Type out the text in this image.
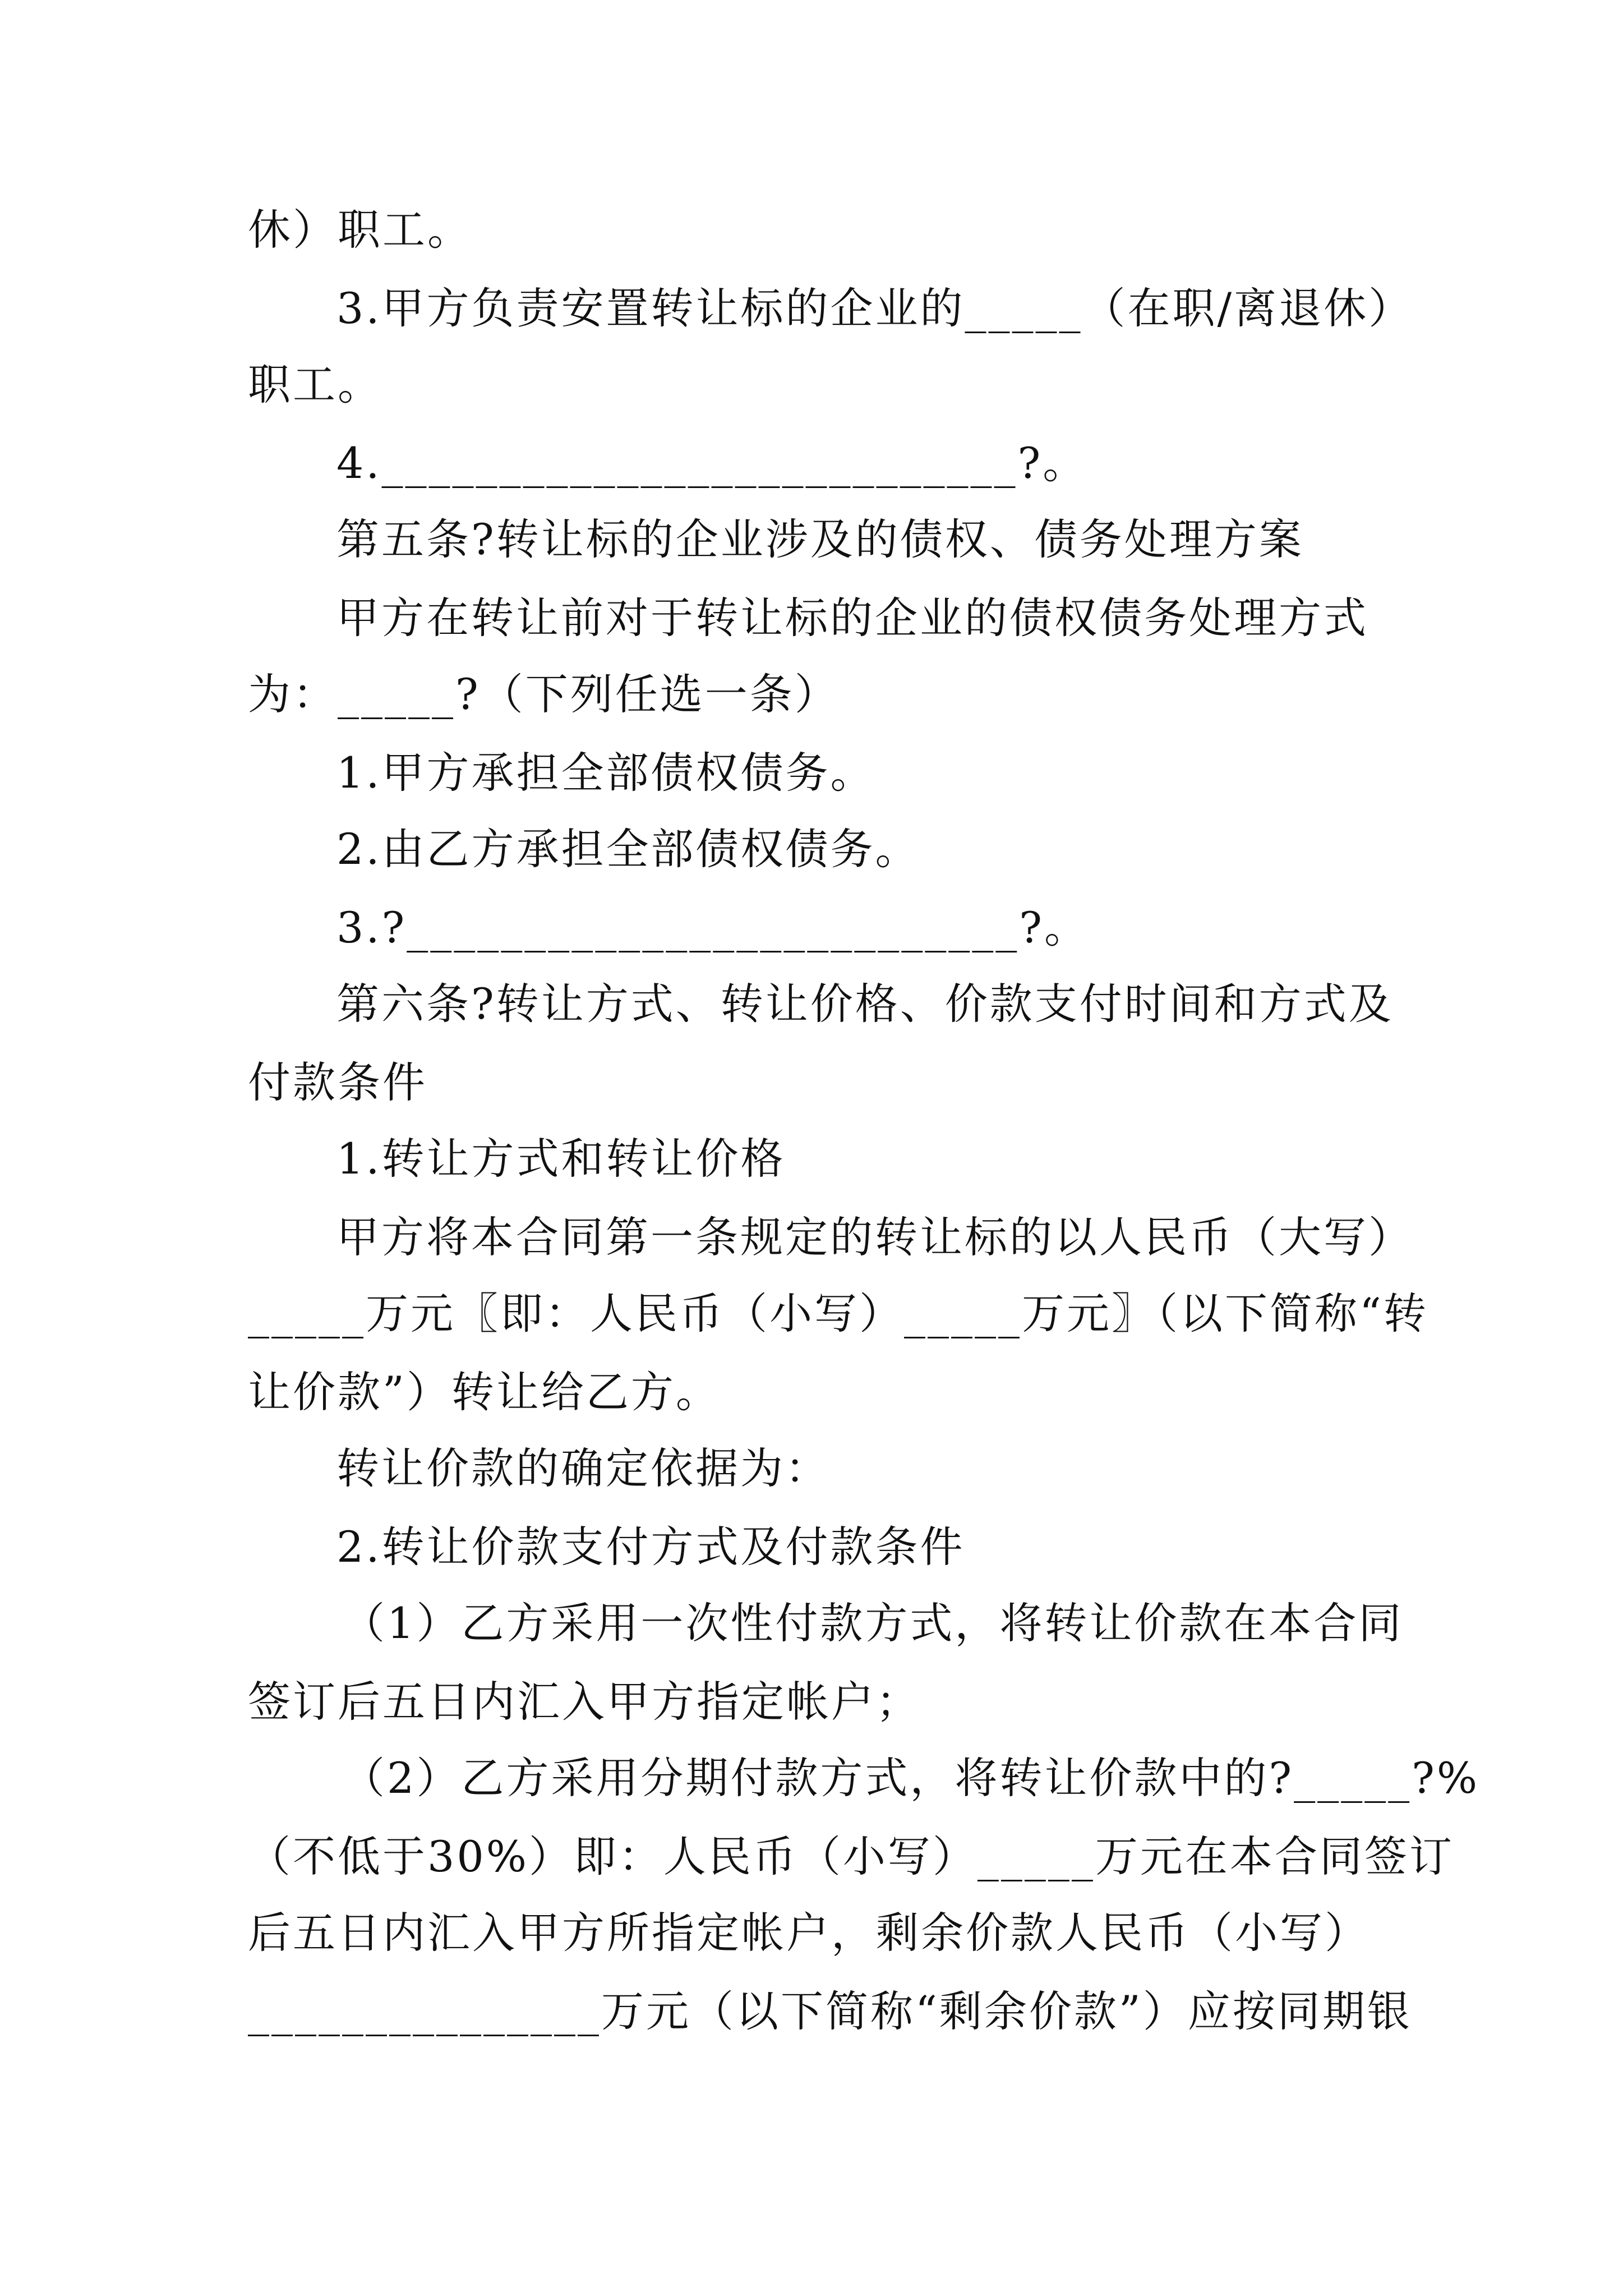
休）职工。
3.甲方负责安置转让标的企业的_____（在职/离退休）
职工。
4.___________________________?。
第五条?转让标的企业涉及的债权、债务处理方案
甲方在转让前对于转让标的企业的债权债务处理方式
为：_____?（下列任选一条）
1.甲方承担全部债权债务。
2.由乙方承担全部债权债务。
3.?__________________________?。
第六条?转让方式、转让价格、价款支付时间和方式及
付款条件
1.转让方式和转让价格
甲方将本合同第一条规定的转让标的以人民币（大写）
_____万元〖即：人民币（小写）_____万元〗（以下简称“转
让价款”）转让给乙方。
转让价款的确定依据为：
2.转让价款支付方式及付款条件
（1）乙方采用一次性付款方式，将转让价款在本合同
签订后五日内汇入甲方指定帐户；
（2）乙方采用分期付款方式，将转让价款中的?_____?%
（不低于30%）即：人民币（小写）_____万元在本合同签订
后五日内汇入甲方所指定帐户，剩余价款人民币（小写）
_______________万元（以下简称“剩余价款”）应按同期银
